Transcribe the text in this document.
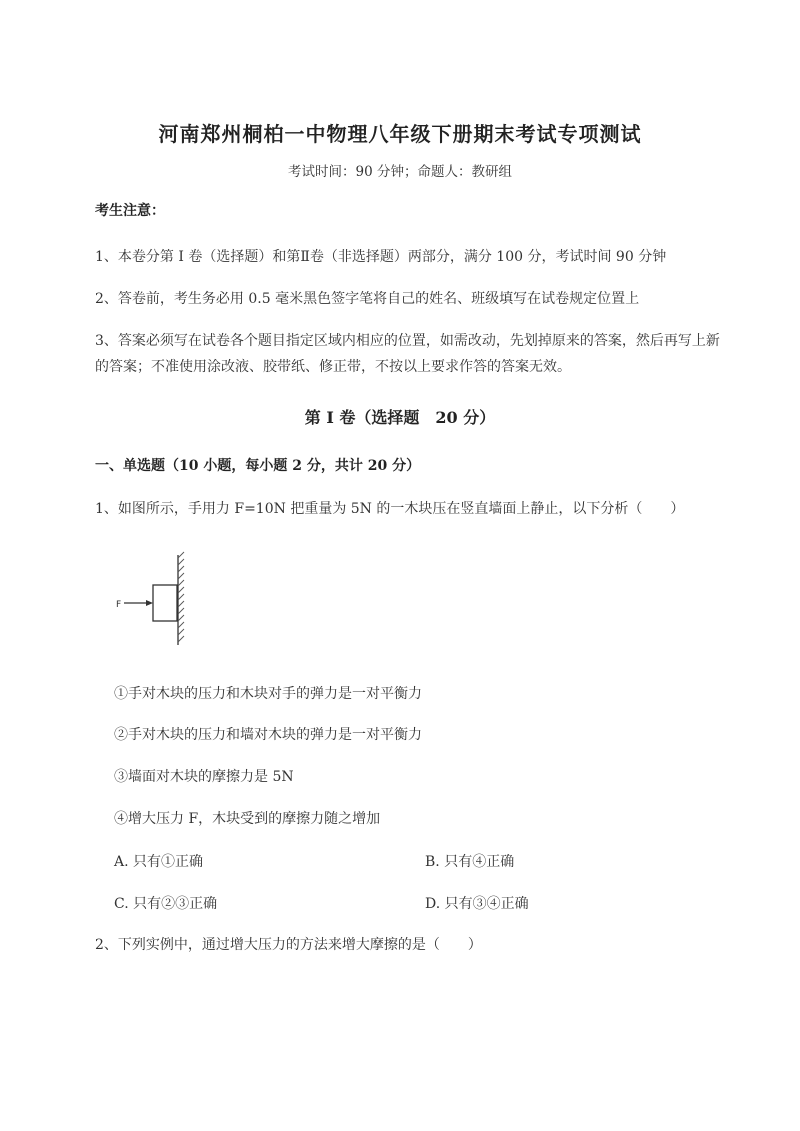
河南郑州桐柏一中物理八年级下册期末考试专项测试
考试时间：90 分钟；命题人：教研组
考生注意：
1、本卷分第 I 卷（选择题）和第Ⅱ卷（非选择题）两部分，满分 100 分，考试时间 90 分钟
2、答卷前，考生务必用 0.5 毫米黑色签字笔将自己的姓名、班级填写在试卷规定位置上
3、答案必须写在试卷各个题目指定区域内相应的位置，如需改动，先划掉原来的答案，然后再写上新
的答案；不准使用涂改液、胶带纸、修正带，不按以上要求作答的答案无效。
第 I 卷（选择题　20 分）
一、单选题（10 小题，每小题 2 分，共计 20 分）
1、如图所示，手用力 F=10N 把重量为 5N 的一木块压在竖直墙面上静止，以下分析（　　）
F
①手对木块的压力和木块对手的弹力是一对平衡力
②手对木块的压力和墙对木块的弹力是一对平衡力
③墙面对木块的摩擦力是 5N
④增大压力 F，木块受到的摩擦力随之增加
A. 只有①正确	B. 只有④正确
C. 只有②③正确	D. 只有③④正确
2、下列实例中，通过增大压力的方法来增大摩擦的是（　　）
